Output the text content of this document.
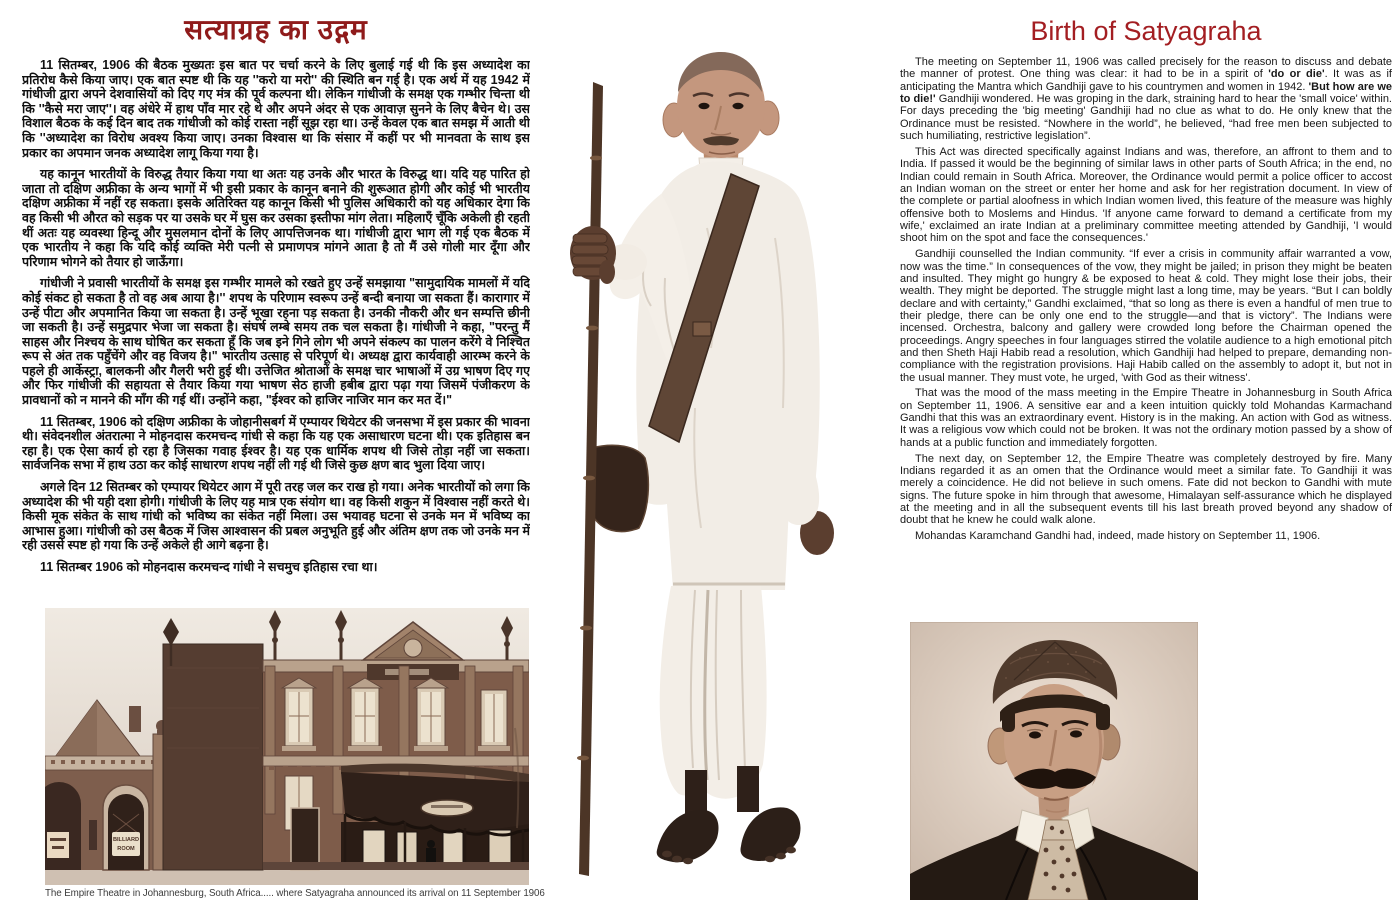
सत्याग्रह का उद्गम

11 सितम्बर, 1906 की बैठक मुख्यतः इस बात पर चर्चा करने के लिए बुलाई गई थी कि इस अध्यादेश का प्रतिरोध कैसे किया जाए। एक बात स्पष्ट थी कि यह ''करो या मरो'' की स्थिति बन गई है। एक अर्थ में यह 1942 में गांधीजी द्वारा अपने देशवासियों को दिए गए मंत्र की पूर्व कल्पना थी। लेकिन गांधीजी के समक्ष एक गम्भीर चिन्ता थी कि ''कैसे मरा जाए''। वह अंधेरे में हाथ पाँव मार रहे थे और अपने अंदर से एक आवाज़ सुनने के लिए बैचेन थे। उस विशाल बैठक के कई दिन बाद तक गांधीजी को कोई रास्ता नहीं सूझ रहा था। उन्हें केवल एक बात समझ में आती थी कि ''अध्यादेश का विरोध अवश्य किया जाए। उनका विश्वास था कि संसार में कहीं पर भी मानवता के साथ इस प्रकार का अपमान जनक अध्यादेश लागू किया गया है।

यह कानून भारतीयों के विरुद्ध तैयार किया गया था अतः यह उनके और भारत के विरुद्ध था। यदि यह पारित हो जाता तो दक्षिण अफ्रीका के अन्य भागों में भी इसी प्रकार के कानून बनाने की शुरूआत होगी और कोई भी भारतीय दक्षिण अफ्रीका में नहीं रह सकता। इसके अतिरिक्त यह कानून किसी भी पुलिस अधिकारी को यह अधिकार देगा कि वह किसी भी औरत को सड़क पर या उसके घर में घुस कर उसका इस्तीफा मांग लेता। महिलाएँ चूँकि अकेली ही रहती थीं अतः यह व्यवस्था हिन्दू और मुसलमान दोनों के लिए आपत्तिजनक था। गांधीजी द्वारा भाग ली गई एक बैठक में एक भारतीय ने कहा कि यदि कोई व्यक्ति मेरी पत्नी से प्रमाणपत्र मांगने आता है तो मैं उसे गोली मार दूँगा और परिणाम भोगने को तैयार हो जाऊँगा।

गांधीजी ने प्रवासी भारतीयों के समक्ष इस गम्भीर मामले को रखते हुए उन्हें समझाया "सामुदायिक मामलों में यदि कोई संकट हो सकता है तो वह अब आया है।'' शपथ के परिणाम स्वरूप उन्हें बन्दी बनाया जा सकता हैं। कारागार में उन्हें पीटा और अपमानित किया जा सकता है। उन्हें भूखा रहना पड़ सकता है। उनकी नौकरी और धन सम्पत्ति छीनी जा सकती है। उन्हें समुद्रपार भेजा जा सकता है। संघर्ष लम्बे समय तक चल सकता है। गांधीजी ने कहा, "परन्तु मैं साहस और निश्चय के साथ घोषित कर सकता हूँ कि जब इने गिने लोग भी अपने संकल्प का पालन करेंगे वे निश्चित रूप से अंत तक पहुँचेंगे और वह विजय है।" भारतीय उत्साह से परिपूर्ण थे। अध्यक्ष द्वारा कार्यवाही आरम्भ करने के पहले ही आर्केस्ट्रा, बालकनी और गैलरी भरी हुई थी। उत्तेजित श्रोताओं के समक्ष चार भाषाओं में उग्र भाषण दिए गए और फिर गांधीजी की सहायता से तैयार किया गया भाषण सेठ हाजी हबीब द्वारा पढ़ा गया जिसमें पंजीकरण के प्रावधानों को न मानने की माँग की गई थीं। उन्होंने कहा, "ईश्वर को हाजिर नाजिर मान कर मत दें।"

11 सितम्बर, 1906 को दक्षिण अफ्रीका के जोहानीसबर्ग में एम्पायर थियेटर की जनसभा में इस प्रकार की भावना थी। संवेदनशील अंतरात्मा ने मोहनदास करमचन्द गांधी से कहा कि यह एक असाधारण घटना थी। एक इतिहास बन रहा है। एक ऐसा कार्य हो रहा है जिसका गवाह ईश्वर है। यह एक धार्मिक शपथ थी जिसे तोड़ा नहीं जा सकता। सार्वजनिक सभा में हाथ उठा कर कोई साधारण शपथ नहीं ली गई थी जिसे कुछ क्षण बाद भुला दिया जाए।

अगले दिन 12 सितम्बर को एम्पायर थियेटर आग में पूरी तरह जल कर राख हो गया। अनेक भारतीयों को लगा कि अध्यादेश की भी यही दशा होगी। गांधीजी के लिए यह मात्र एक संयोग था। वह किसी शकुन में विश्वास नहीं करते थे। किसी मूक संकेत के साथ गांधी को भविष्य का संकेत नहीं मिला। उस भयावह घटना से उनके मन में भविष्य का आभास हुआ। गांधीजी को उस बैठक में जिस आश्वासन की प्रबल अनुभूति हुई और अंतिम क्षण तक जो उनके मन में रही उससे स्पष्ट हो गया कि उन्हें अकेले ही आगे बढ़ना है।

11 सितम्बर 1906 को मोहनदास करमचन्द गांधी ने सचमुच इतिहास रचा था।

Birth of Satyagraha

The meeting on September 11, 1906 was called precisely for the reason to discuss and debate the manner of protest. One thing was clear: it had to be in a spirit of 'do or die'. It was as if anticipating the Mantra which Gandhiji gave to his countrymen and women in 1942. 'But how are we to die!' Gandhiji wondered. He was groping in the dark, straining hard to hear the 'small voice' within. For days preceding the 'big meeting' Gandhiji had no clue as what to do. He only knew that the Ordinance must be resisted. “Nowhere in the world”, he believed, “had free men been subjected to such humiliating, restrictive legislation”.

This Act was directed specifically against Indians and was, therefore, an affront to them and to India. If passed it would be the beginning of similar laws in other parts of South Africa; in the end, no Indian could remain in South Africa. Moreover, the Ordinance would permit a police officer to accost an Indian woman on the street or enter her home and ask for her registration document. In view of the complete or partial aloofness in which Indian women lived, this feature of the measure was highly offensive both to Moslems and Hindus. 'If anyone came forward to demand a certificate from my wife,' exclaimed an irate Indian at a preliminary committee meeting attended by Gandhiji, 'I would shoot him on the spot and face the consequences.'

Gandhiji counselled the Indian community. “If ever a crisis in community affair warranted a vow, now was the time.” In consequences of the vow, they might be jailed; in prison they might be beaten and insulted. They might go hungry & be exposed to heat & cold. They might lose their jobs, their wealth. They might be deported. The struggle might last a long time, may be years. “But I can boldly declare and with certainty,” Gandhi exclaimed, “that so long as there is even a handful of men true to their pledge, there can be only one end to the struggle—and that is victory”. The Indians were incensed. Orchestra, balcony and gallery were crowded long before the Chairman opened the proceedings. Angry speeches in four languages stirred the volatile audience to a high emotional pitch and then Sheth Haji Habib read a resolution, which Gandhiji had helped to prepare, demanding non-compliance with the registration provisions. Haji Habib called on the assembly to adopt it, but not in the usual manner. They must vote, he urged, 'with God as their witness'.

That was the mood of the mass meeting in the Empire Theatre in Johannesburg in South Africa on September 11, 1906. A sensitive ear and a keen intuition quickly told Mohandas Karmachand Gandhi that this was an extraordinary event. History is in the making. An action with God as witness. It was a religious vow which could not be broken. It was not the ordinary motion passed by a show of hands at a public function and immediately forgotten.

The next day, on September 12, the Empire Theatre was completely destroyed by fire. Many Indians regarded it as an omen that the Ordinance would meet a similar fate. To Gandhiji it was merely a coincidence. He did not believe in such omens. Fate did not beckon to Gandhi with mute signs. The future spoke in him through that awesome, Himalayan self-assurance which he displayed at the meeting and in all the subsequent events till his last breath proved beyond any shadow of doubt that he knew he could walk alone.

Mohandas Karamchand Gandhi had, indeed, made history on September 11, 1906.

BILLIARD
ROOM
The Empire Theatre in Johannesburg, South Africa..... where Satyagraha announced its arrival on 11 September 1906
